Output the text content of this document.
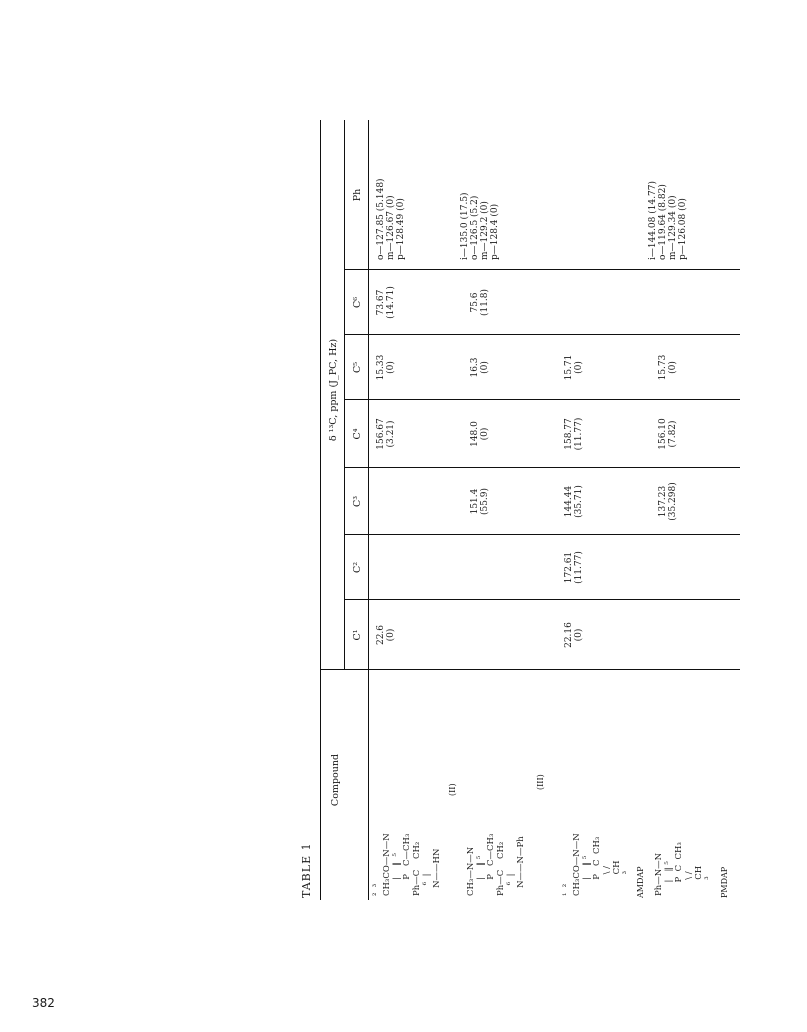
382
TABLE 1
Compound
δ ¹³C, ppm (J_PC, Hz)
C¹
C²
C³
C⁴
C⁵
C⁶
Ph
²  ³
CH₃CO—N—N
|    ‖  ⁵
P   C—CH₃
Ph—C    CH₂
⁶  |
N——HN
(II)
22.6 (0)
156.67 (3.21)
15.33 (0)
73.67 (14.71)
o—127.85 (5.148) m—126.67 (0) p—128.49 (0)
CH₃—N—N
|    ‖ ⁵
P   C—CH₃
Ph—C    CH₂
⁶  |
N——N—Ph
(III)
151.4 (55.9)
148.0 (0)
16.3 (0)
75.6 (11.8)
i—135.0 (17.5) o—126.5 (5.2) m—129.2 (0) p—128.4 (0)
¹  ²
CH₃CO—N—N
|    ‖ ⁵
P   C  CH₃
\ /
CH
³ AMDAP
22.16 (0)
172.61 (11.77)
144.44 (35.71)
158.77 (11.77)
15.71 (0)
Ph—N—N
|   ‖ ⁵
P  C  CH₃
\ /
CH
³ PMDAP
137.23 (35.298)
156.10 (7.82)
15.73 (0)
i—144.08 (14.77) o—119.64 (8.82) m—129.34 (0) p—126.08 (0)
